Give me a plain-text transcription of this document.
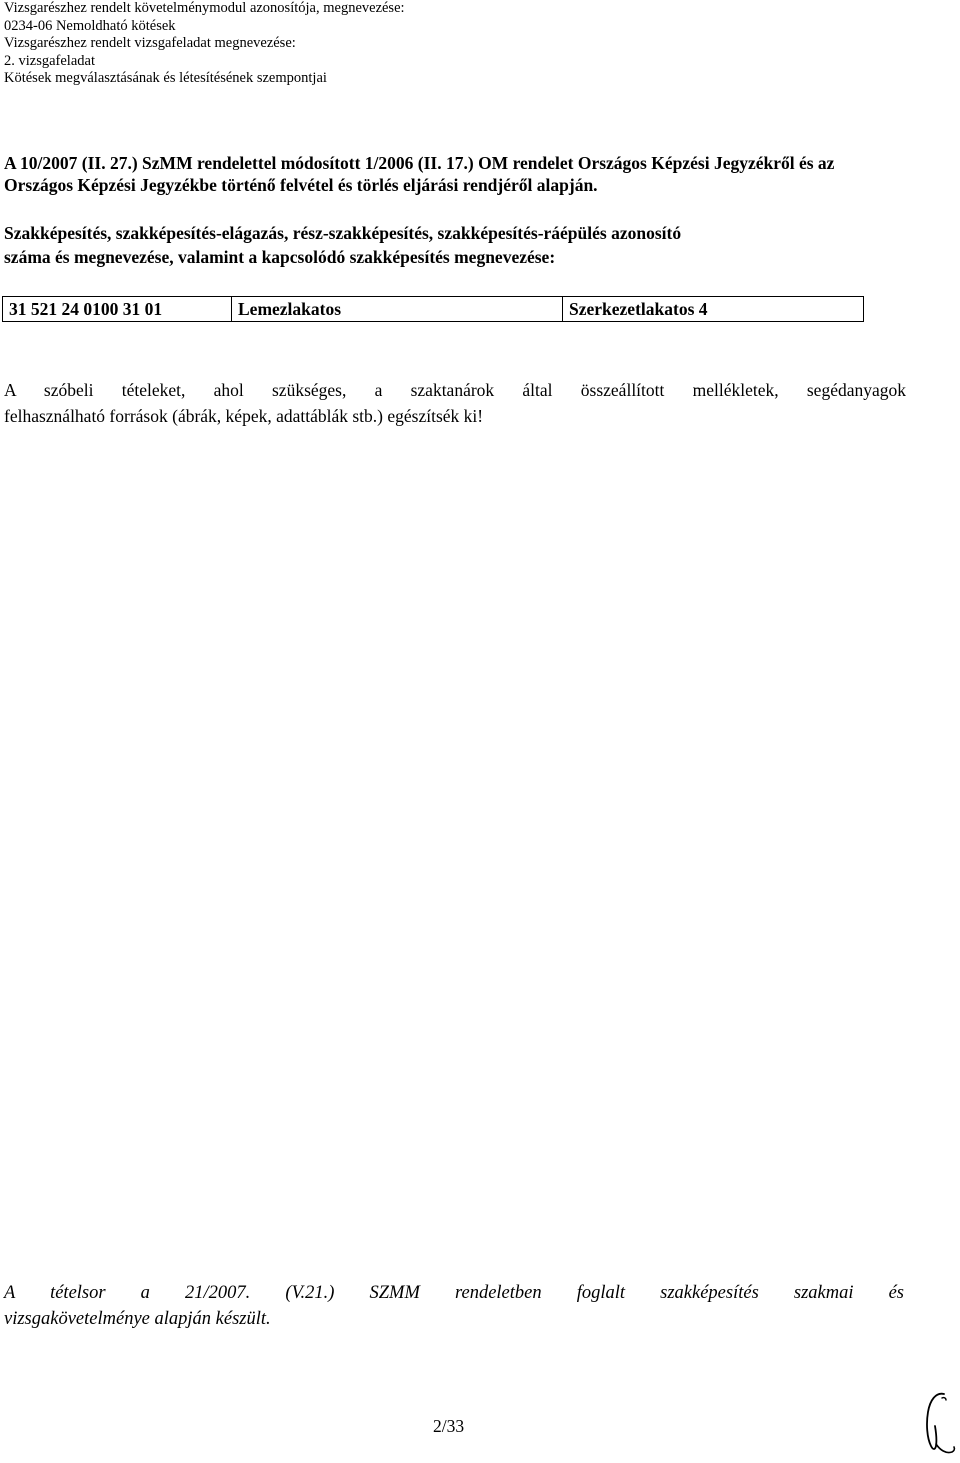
Vizsgarészhez rendelt követelménymodul azonosítója, megnevezése:
0234-06 Nemoldható kötések
Vizsgarészhez rendelt vizsgafeladat megnevezése:
2. vizsgafeladat
Kötések megválasztásának és létesítésének szempontjai
A 10/2007 (II. 27.) SzMM rendelettel módosított 1/2006 (II. 17.) OM rendelet Országos Képzési Jegyzékről és az
Országos Képzési Jegyzékbe történő felvétel és törlés eljárási rendjéről alapján.
Szakképesítés, szakképesítés-elágazás, rész-szakképesítés, szakképesítés-ráépülés azonosító
száma és megnevezése, valamint a kapcsolódó szakképesítés megnevezése:
31 521 24 0100 31 01	Lemezlakatos	Szerkezetlakatos 4
A szóbeli tételeket, ahol szükséges, a szaktanárok által összeállított mellékletek, segédanyagok
felhasználható források (ábrák, képek, adattáblák stb.) egészítsék ki!
A tételsor a 21/2007. (V.21.) SZMM rendeletben foglalt szakképesítés szakmai és
vizsgakövetelménye alapján készült.
2/33
